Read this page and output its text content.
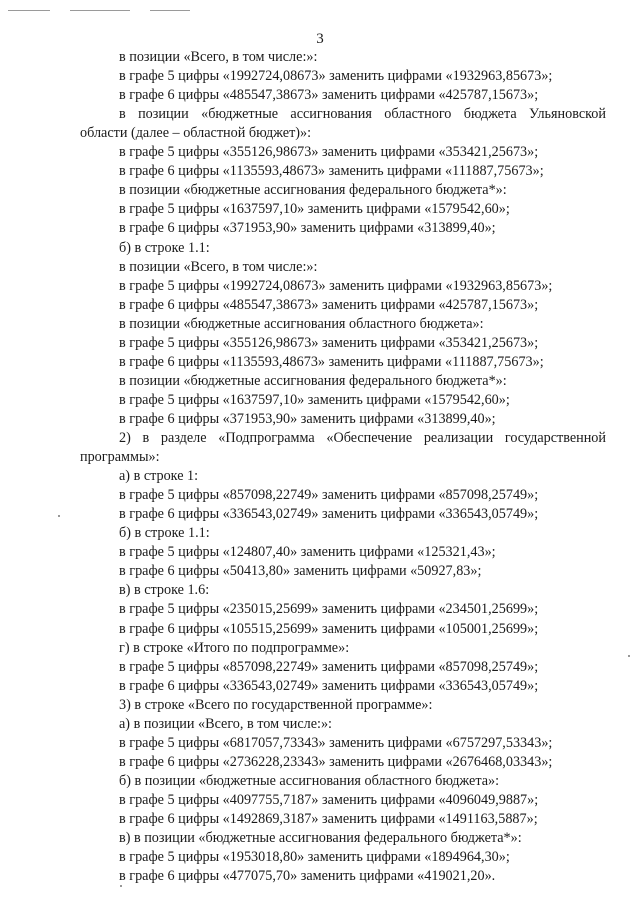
3
в позиции «Всего, в том числе:»:
в графе 5 цифры «1992724,08673» заменить цифрами «1932963,85673»;
в графе 6 цифры «485547,38673» заменить цифрами «425787,15673»;
в позиции «бюджетные ассигнования областного бюджета Ульяновской
области (далее – областной бюджет)»:
в графе 5 цифры «355126,98673» заменить цифрами «353421,25673»;
в графе 6 цифры «1135593,48673» заменить цифрами «111887,75673»;
в позиции «бюджетные ассигнования федерального бюджета*»:
в графе 5 цифры «1637597,10» заменить цифрами «1579542,60»;
в графе 6 цифры «371953,90» заменить цифрами «313899,40»;
б) в строке 1.1:
в позиции «Всего, в том числе:»:
в графе 5 цифры «1992724,08673» заменить цифрами «1932963,85673»;
в графе 6 цифры «485547,38673» заменить цифрами «425787,15673»;
в позиции «бюджетные ассигнования областного бюджета»:
в графе 5 цифры «355126,98673» заменить цифрами «353421,25673»;
в графе 6 цифры «1135593,48673» заменить цифрами «111887,75673»;
в позиции «бюджетные ассигнования федерального бюджета*»:
в графе 5 цифры «1637597,10» заменить цифрами «1579542,60»;
в графе 6 цифры «371953,90» заменить цифрами «313899,40»;
2) в разделе «Подпрограмма «Обеспечение реализации государственной
программы»:
а) в строке 1:
в графе 5 цифры «857098,22749» заменить цифрами «857098,25749»;
в графе 6 цифры «336543,02749» заменить цифрами «336543,05749»;
б) в строке 1.1:
в графе 5 цифры «124807,40» заменить цифрами «125321,43»;
в графе 6 цифры «50413,80» заменить цифрами «50927,83»;
в) в строке 1.6:
в графе 5 цифры «235015,25699» заменить цифрами «234501,25699»;
в графе 6 цифры «105515,25699» заменить цифрами «105001,25699»;
г) в строке «Итого по подпрограмме»:
в графе 5 цифры «857098,22749» заменить цифрами «857098,25749»;
в графе 6 цифры «336543,02749» заменить цифрами «336543,05749»;
3) в строке «Всего по государственной программе»:
а) в позиции «Всего, в том числе:»:
в графе 5 цифры «6817057,73343» заменить цифрами «6757297,53343»;
в графе 6 цифры «2736228,23343» заменить цифрами «2676468,03343»;
б) в позиции «бюджетные ассигнования областного бюджета»:
в графе 5 цифры «4097755,7187» заменить цифрами «4096049,9887»;
в графе 6 цифры «1492869,3187» заменить цифрами «1491163,5887»;
в) в позиции «бюджетные ассигнования федерального бюджета*»:
в графе 5 цифры «1953018,80» заменить цифрами «1894964,30»;
в графе 6 цифры «477075,70» заменить цифрами «419021,20».
